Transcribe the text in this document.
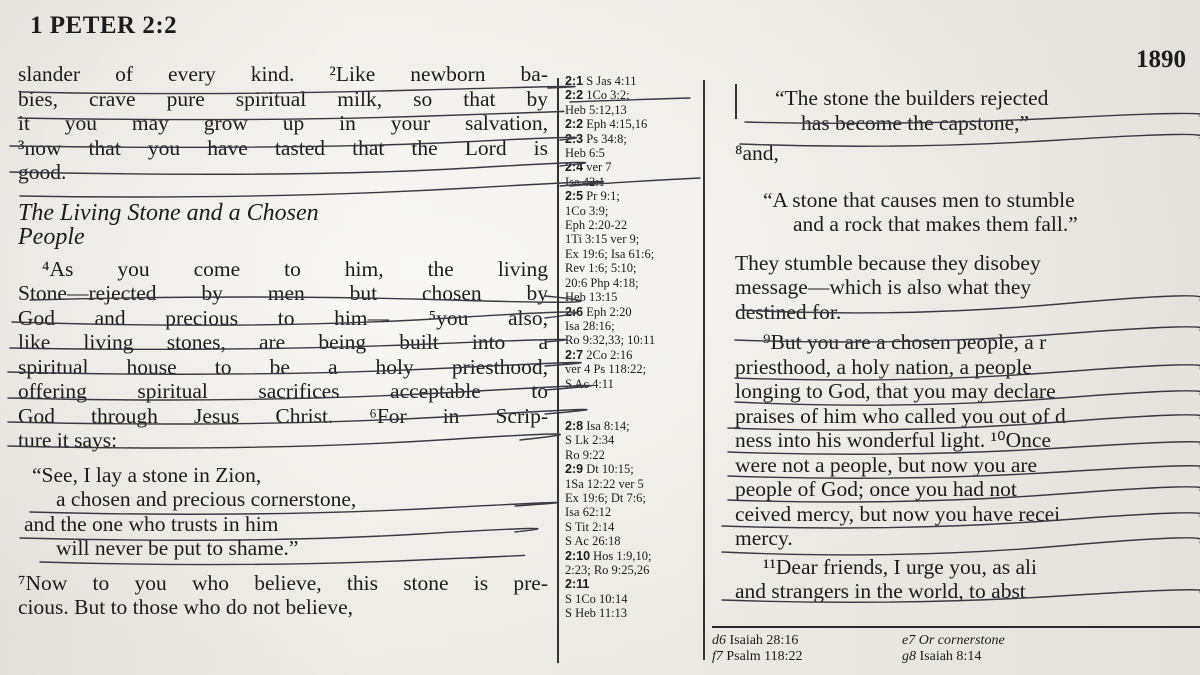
1 PETER 2:2
1890

slander of every kind. ²Like newborn ba-

bies, crave pure spiritual milk, so that by

it you may grow up in your salvation,

³now that you have tasted that the Lord is

good.

The Living Stone and a Chosen
People

⁴As you come to him, the living

Stone—rejected by men but chosen by

God and precious to him— ⁵you also,

like living stones, are being built into a

spiritual house to be a holy priesthood,

offering spiritual sacrifices acceptable to

God through Jesus Christ. ⁶For in Scrip-

ture it says:

“See, I lay a stone in Zion,

a chosen and precious cornerstone,

and the one who trusts in him

will never be put to shame.”

⁷Now to you who believe, this stone is pre-

cious. But to those who do not believe,

2:1 S Jas 4:11
2:2 1Co 3:2;
Heb 5:12,13
2:2 Eph 4:15,16
2:3 Ps 34:8;
Heb 6:5
2:4 ver 7
Isa 42:1
2:5 Pr 9:1;
1Co 3:9;
Eph 2:20-22
1Ti 3:15 ver 9;
Ex 19:6; Isa 61:6;
Rev 1:6; 5:10;
20:6 Php 4:18;
Heb 13:15
2:6 Eph 2:20
Isa 28:16;
Ro 9:32,33; 10:11
2:7 2Co 2:16
ver 4 Ps 118:22;
S Ac 4:11
2:8 Isa 8:14;
S Lk 2:34
Ro 9:22
2:9 Dt 10:15;
1Sa 12:22 ver 5
Ex 19:6; Dt 7:6;
Isa 62:12
S Tit 2:14
S Ac 26:18
2:10 Hos 1:9,10;
2:23; Ro 9:25,26
2:11
S 1Co 10:14
S Heb 11:13

“The stone the builders rejected

has become the capstone,”

⁸and,

“A stone that causes men to stumble

and a rock that makes them fall.”

They stumble because they disobey

message—which is also what they

destined for.

⁹But you are a chosen people, a r

priesthood, a holy nation, a people

longing to God, that you may declare

praises of him who called you out of d

ness into his wonderful light. ¹⁰Once

were not a people, but now you are

people of God; once you had not

ceived mercy, but now you have recei

mercy.

¹¹Dear friends, I urge you, as ali

and strangers in the world, to abst

d6 Isaiah 28:16	e7 Or cornerstone
f7 Psalm 118:22	g8 Isaiah 8:14
